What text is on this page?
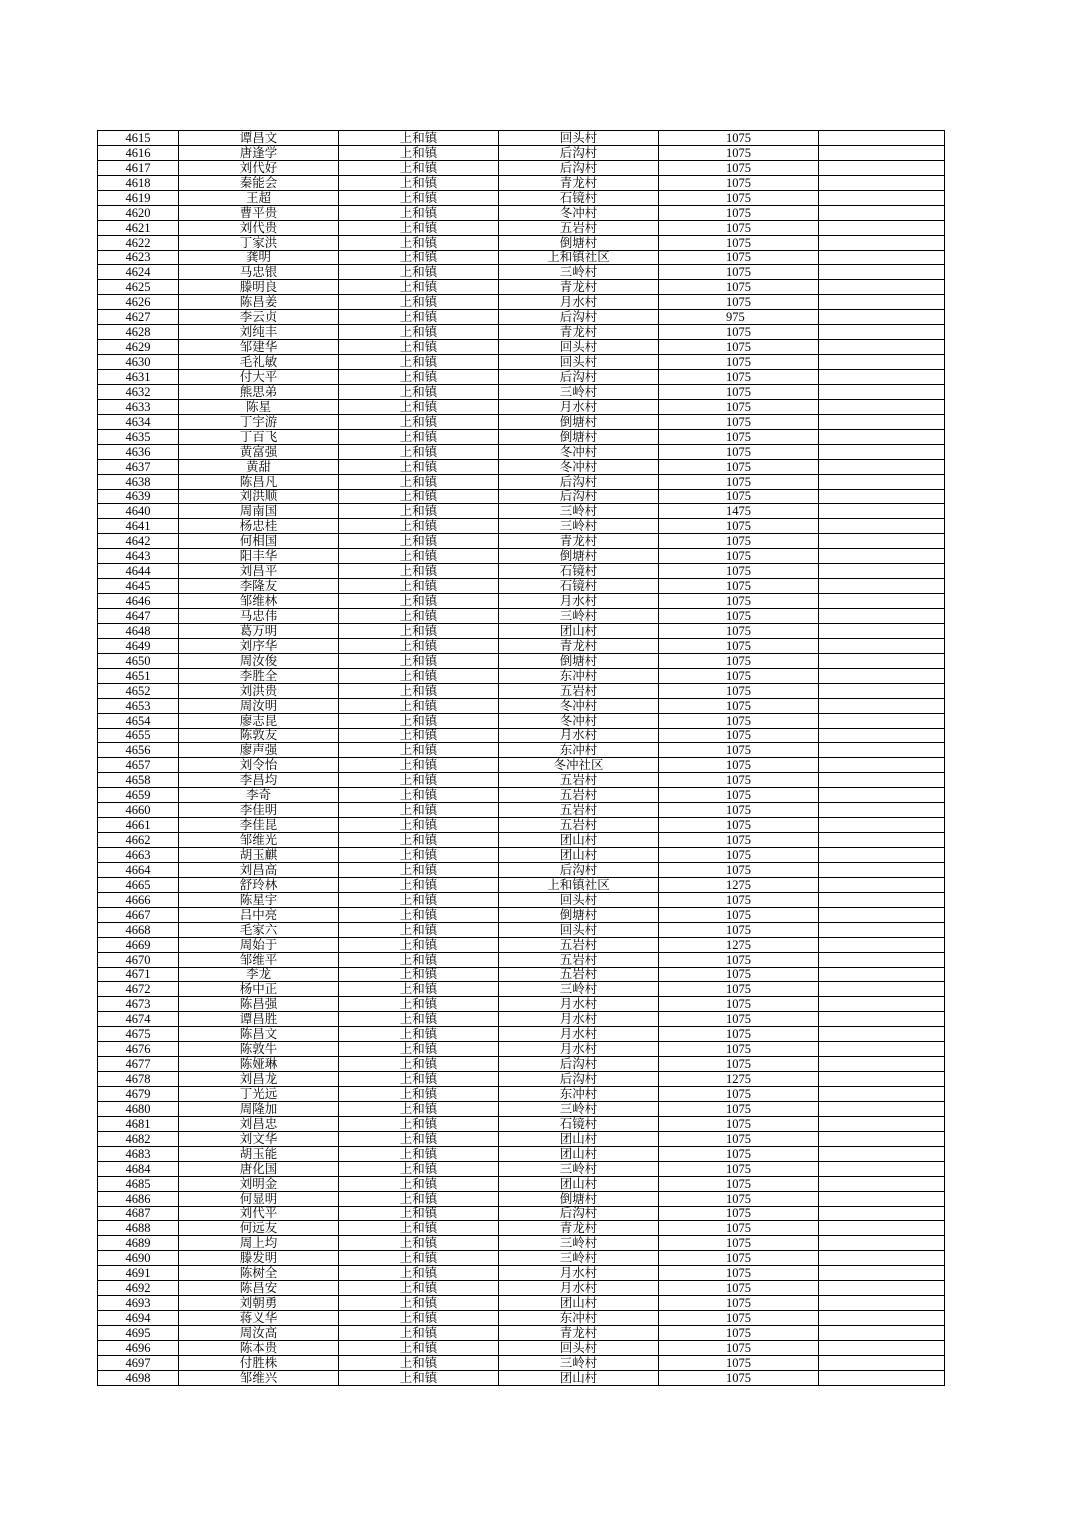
4615	谭昌文	上和镇	回头村	1075	
4616	唐逢学	上和镇	后沟村	1075	
4617	刘代好	上和镇	后沟村	1075	
4618	秦能会	上和镇	青龙村	1075	
4619	王超	上和镇	石镜村	1075	
4620	曹平贵	上和镇	冬冲村	1075	
4621	刘代贵	上和镇	五岩村	1075	
4622	丁家洪	上和镇	倒塘村	1075	
4623	龚明	上和镇	上和镇社区	1075	
4624	马忠银	上和镇	三岭村	1075	
4625	滕明良	上和镇	青龙村	1075	
4626	陈昌姜	上和镇	月水村	1075	
4627	李云贞	上和镇	后沟村	975	
4628	刘纯丰	上和镇	青龙村	1075	
4629	邹建华	上和镇	回头村	1075	
4630	毛礼敏	上和镇	回头村	1075	
4631	付大平	上和镇	后沟村	1075	
4632	熊思弟	上和镇	三岭村	1075	
4633	陈星	上和镇	月水村	1075	
4634	丁宇游	上和镇	倒塘村	1075	
4635	丁百飞	上和镇	倒塘村	1075	
4636	黄富强	上和镇	冬冲村	1075	
4637	黄甜	上和镇	冬冲村	1075	
4638	陈昌凡	上和镇	后沟村	1075	
4639	刘洪顺	上和镇	后沟村	1075	
4640	周南国	上和镇	三岭村	1475	
4641	杨忠桂	上和镇	三岭村	1075	
4642	何相国	上和镇	青龙村	1075	
4643	阳丰华	上和镇	倒塘村	1075	
4644	刘昌平	上和镇	石镜村	1075	
4645	李隆友	上和镇	石镜村	1075	
4646	邹维林	上和镇	月水村	1075	
4647	马忠伟	上和镇	三岭村	1075	
4648	葛万明	上和镇	团山村	1075	
4649	刘序华	上和镇	青龙村	1075	
4650	周汝俊	上和镇	倒塘村	1075	
4651	李胜全	上和镇	东冲村	1075	
4652	刘洪贵	上和镇	五岩村	1075	
4653	周汝明	上和镇	冬冲村	1075	
4654	廖志昆	上和镇	冬冲村	1075	
4655	陈敦友	上和镇	月水村	1075	
4656	廖声强	上和镇	东冲村	1075	
4657	刘令怡	上和镇	冬冲社区	1075	
4658	李昌均	上和镇	五岩村	1075	
4659	李奇	上和镇	五岩村	1075	
4660	李佳明	上和镇	五岩村	1075	
4661	李佳昆	上和镇	五岩村	1075	
4662	邹维光	上和镇	团山村	1075	
4663	胡玉麒	上和镇	团山村	1075	
4664	刘昌高	上和镇	后沟村	1075	
4665	舒玲林	上和镇	上和镇社区	1275	
4666	陈星宇	上和镇	回头村	1075	
4667	吕中亮	上和镇	倒塘村	1075	
4668	毛家六	上和镇	回头村	1075	
4669	周始于	上和镇	五岩村	1275	
4670	邹维平	上和镇	五岩村	1075	
4671	李龙	上和镇	五岩村	1075	
4672	杨中正	上和镇	三岭村	1075	
4673	陈昌强	上和镇	月水村	1075	
4674	谭昌胜	上和镇	月水村	1075	
4675	陈昌文	上和镇	月水村	1075	
4676	陈敦牛	上和镇	月水村	1075	
4677	陈娅琳	上和镇	后沟村	1075	
4678	刘昌龙	上和镇	后沟村	1275	
4679	丁光远	上和镇	东冲村	1075	
4680	周隆加	上和镇	三岭村	1075	
4681	刘昌忠	上和镇	石镜村	1075	
4682	刘文华	上和镇	团山村	1075	
4683	胡玉能	上和镇	团山村	1075	
4684	唐化国	上和镇	三岭村	1075	
4685	刘明金	上和镇	团山村	1075	
4686	何显明	上和镇	倒塘村	1075	
4687	刘代平	上和镇	后沟村	1075	
4688	何远友	上和镇	青龙村	1075	
4689	周上均	上和镇	三岭村	1075	
4690	滕发明	上和镇	三岭村	1075	
4691	陈树全	上和镇	月水村	1075	
4692	陈昌安	上和镇	月水村	1075	
4693	刘朝勇	上和镇	团山村	1075	
4694	蒋义华	上和镇	东冲村	1075	
4695	周汝高	上和镇	青龙村	1075	
4696	陈本贵	上和镇	回头村	1075	
4697	付胜株	上和镇	三岭村	1075	
4698	邹维兴	上和镇	团山村	1075	
